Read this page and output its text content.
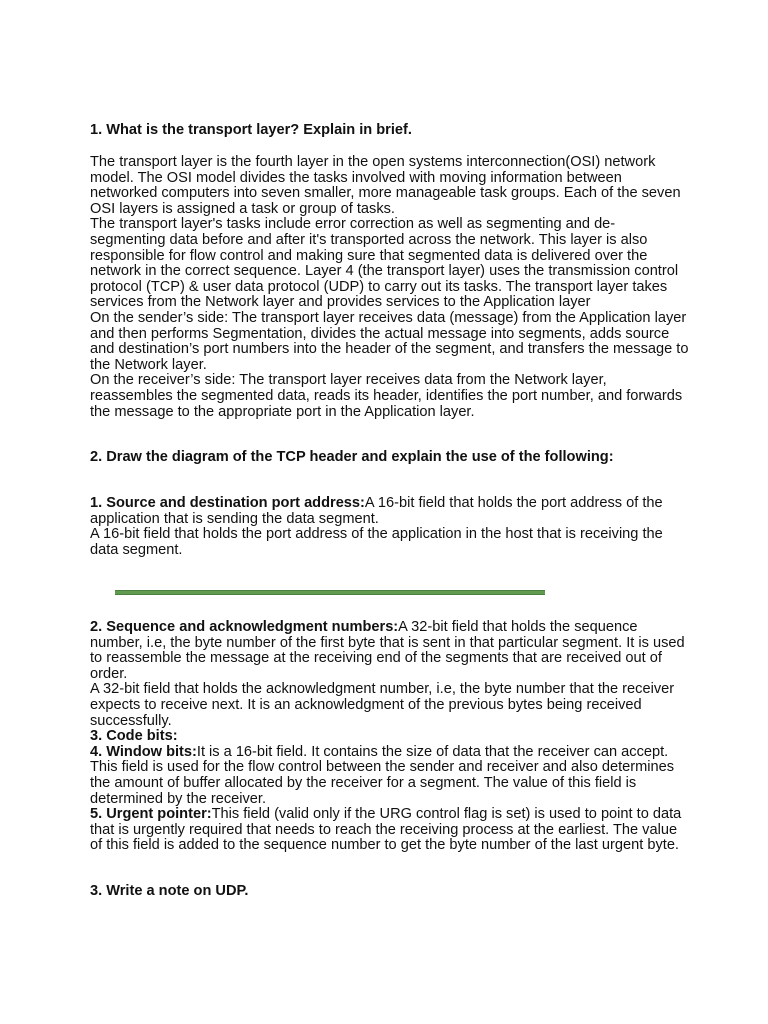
1. What is the transport layer? Explain in brief.

The transport layer is the fourth layer in the open systems interconnection(OSI) network model. The OSI model divides the tasks involved with moving information between networked computers into seven smaller, more manageable task groups. Each of the seven OSI layers is assigned a task or group of tasks.

The transport layer's tasks include error correction as well as segmenting and de-segmenting data before and after it's transported across the network. This layer is also responsible for flow control and making sure that segmented data is delivered over the network in the correct sequence. Layer 4 (the transport layer) uses the transmission control protocol (TCP) & user data protocol (UDP) to carry out its tasks. The transport layer takes services from the Network layer and provides services to the Application layer

On the sender’s side: The transport layer receives data (message) from the Application layer and then performs Segmentation, divides the actual message into segments, adds source and destination’s port numbers into the header of the segment, and transfers the message to the Network layer.

On the receiver’s side: The transport layer receives data from the Network layer, reassembles the segmented data, reads its header, identifies the port number, and forwards the message to the appropriate port in the Application layer.

2. Draw the diagram of the TCP header and explain the use of the following:

1. Source and destination port address:A 16-bit field that holds the port address of the application that is sending the data segment.

A 16-bit field that holds the port address of the application in the host that is receiving the data segment.

2. Sequence and acknowledgment numbers:A 32-bit field that holds the sequence number, i.e, the byte number of the first byte that is sent in that particular segment. It is used to reassemble the message at the receiving end of the segments that are received out of order.

A 32-bit field that holds the acknowledgment number, i.e, the byte number that the receiver expects to receive next. It is an acknowledgment of the previous bytes being received successfully.

3. Code bits:

4. Window bits:It is a 16-bit field. It contains the size of data that the receiver can accept. This field is used for the flow control between the sender and receiver and also determines the amount of buffer allocated by the receiver for a segment. The value of this field is determined by the receiver.

5. Urgent pointer:This field (valid only if the URG control flag is set) is used to point to data that is urgently required that needs to reach the receiving process at the earliest. The value of this field is added to the sequence number to get the byte number of the last urgent byte.

3. Write a note on UDP.
